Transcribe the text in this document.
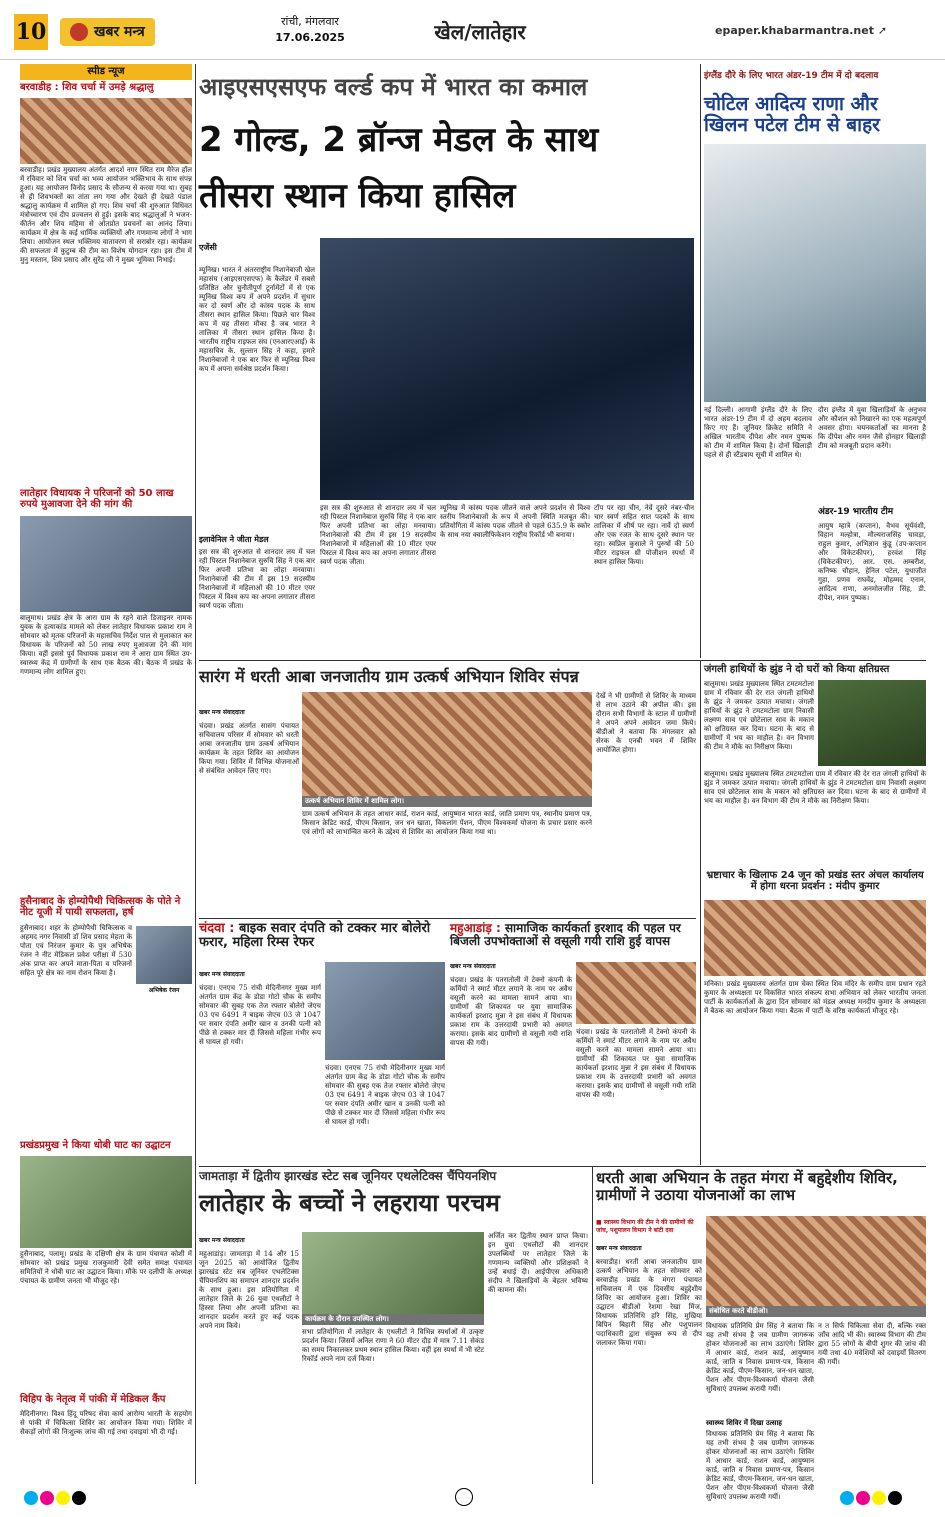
10	खबर मन्त्र
रांची, मंगलवार
17.06.2025	खेल/लातेहार	epaper.khabarmantra.net ➚
स्पीड न्यूज
बरवाडीह : शिव चर्चा में उमड़े श्रद्धालु
बरवाडीह। प्रखंड मुख्यालय अंतर्गत आदर्श नगर स्थित राम मैरेज हॉल में रविवार को शिव चर्चा का भव्य आयोजन भक्तिभाव के साथ संपन्न हुआ। यह आयोजन विनोद प्रसाद के सौजन्य से करवा गया था। सुबह से ही शिवभक्तों का तांता लग गया और देखते ही देखते पंडाल श्रद्धालु कार्यक्रम में शामिल हो गए। शिव चर्चा की शुरुआत विधिवत मंत्रोच्चारण एवं दीप प्रज्वलन से हुई। इसके बाद श्रद्धालुओं ने भजन-कीर्तन और शिव महिमा से ओतप्रोत प्रवचनों का आनंद लिया। कार्यक्रम में क्षेत्र के कई धार्मिक व्यक्तियों और गणमान्य लोगों ने भाग लिया। आयोजन स्थल भक्तिमय वातावरण से सराबोर रहा। कार्यक्रम की सफलता में कुटुम्ब की टीम का विशेष योगदान रहा। इस टीम में मुनु मस्तान, शिव प्रसाद और सुरेंद्र जी ने मुख्य भूमिका निभाई।
लातेहार विधायक ने परिजनों को 50 लाख रुपये मुआवजा देने की मांग की
बालूमाथ। प्रखंड क्षेत्र के आरा ग्राम के रहने वाले डिजाइनर नामक युवक के हत्याकांड मामले को लेकर लातेहार विधायक प्रकाश राम ने सोमवार को मृतक परिजनों के महासचिव निर्देश पाल से मुलाकात कर विधायक के परिजनों को 50 लाख रुपए मुआवजा देने की मांग किया। वहीं इससे पूर्व विधायक प्रकाश राम ने आरा ग्राम स्थित उप-स्वास्थ्य केंद्र में ग्रामीणों के साथ एक बैठक की। बैठक में प्रखंड के गणमान्य लोग शामिल हुए।
हुसैनाबाद के होम्योपैथी चिकित्सक के पोते ने नीट यूजी में पायी सफलता, हर्ष
हुसैनाबाद। शहर के होम्योपैथी चिकित्सक व अहमद नगर निवासी डॉ शिव प्रसाद मेहता के पोता एवं निरंजन कुमार के पुत्र अभिषेक रंजन ने नीट मेडिकल प्रवेश परीक्षा में 530 अंक प्राप्त कर अपने माता-पिता व परिजनों सहित पूरे क्षेत्र का नाम रोशन किया है।
अभिषेक रंजन
प्रखंडप्रमुख ने किया धोबी घाट का उद्घाटन
हुसैनाबाद, पलामू। प्रखंड के दक्षिणी क्षेत्र के ग्राम पंचायत कोशी में सोमवार को प्रखंड प्रमुख राजकुमारी देवी समेत समक्ष पंचायत समितियों ने धोबी घाट का उद्घाटन किया। मौके पर दलीपी के अध्यक्ष पंचायत के ग्रामीण जनता भी मौजूद रहे।
विहिप के नेतृत्व में पांकी में मेडिकल कैंप
मेदिनीनगर। विश्व हिंदू परिषद सेवा कार्य आरोग्य भारती के सहयोग से पांकी में चिकित्सा शिविर का आयोजन किया गया। शिविर में सैकड़ों लोगों की निःशुल्क जांच की गई तथा दवाइयां भी दी गईं।
आइएसएसएफ वर्ल्ड कप में भारत का कमाल
2 गोल्ड, 2 ब्रॉन्ज मेडल के साथ
तीसरा स्थान किया हासिल
एजेंसी
म्यूनिख। भारत ने अंतरराष्ट्रीय निशानेबाजी खेल महासंघ (आइएसएसएफ) के कैलेंडर में सबसे प्रतिष्ठित और चुनौतीपूर्ण टूर्नामेंटों में से एक म्यूनिख विश्व कप में अपने प्रदर्शन में सुधार कर दो स्वर्ण और दो कांस्य पदक के साथ तीसरा स्थान हासिल किया। पिछले चार विश्व कप में यह तीसरा मौका है जब भारत ने तालिका में तीसरा स्थान हासिल किया है। भारतीय राष्ट्रीय राइफल संघ (एनआरएआई) के महासचिव के. सुल्तान सिंह ने कहा, हमारे निशानेबाजों ने एक बार फिर से म्यूनिख विश्व कप में अपना सर्वश्रेष्ठ प्रदर्शन किया।
इलावेनिल ने जीता मेडल
इस सत्र की शुरुआत से शानदार लय में चल रही पिस्टल निशानेबाज सुरुचि सिंह ने एक बार फिर अपनी प्रतिभा का लोहा मनवाया। निशानेबाजों की टीम में इस 19 सदस्यीय निशानेबाजों में महिलाओं की 10 मीटर एयर पिस्टल में विश्व कप का अपना लगातार तीसरा स्वर्ण पदक जीता।
इस सत्र की शुरुआत से शानदार लय में चल रही पिस्टल निशानेबाज सुरुचि सिंह ने एक बार फिर अपनी प्रतिभा का लोहा मनवाया। निशानेबाजों की टीम में इस 19 सदस्यीय निशानेबाजों में महिलाओं की 10 मीटर एयर पिस्टल में विश्व कप का अपना लगातार तीसरा स्वर्ण पदक जीता।
म्यूनिख में कांस्य पदक जीतने वाले अपने प्रदर्शन से विश्व स्तरीय निशानेबाजों के रूप में अपनी स्थिति मजबूत की। प्रतियोगिता में कांस्य पदक जीतने से पहले 635.9 के स्कोर के साथ नया क्वालीफिकेशन राष्ट्रीय रिकॉर्ड भी बनाया।
टॉप पर रहा चीन, नेवें दूसरे नंबर-चीन चार स्वर्ण सहित सात पदकों के साथ तालिका में शीर्ष पर रहा। नार्वे दो स्वर्ण और एक रजत के साथ दूसरे स्थान पर रहा। स्वप्निल कुसाले ने पुरुषों की 50 मीटर राइफल थ्री पोजीशन स्पर्धा में स्थान हासिल किया।
इंग्लैंड दौरे के लिए भारत अंडर-19 टीम में दो बदलाव
चोटिल आदित्य राणा और खिलन पटेल टीम से बाहर
नई दिल्ली। आगामी इंग्लैंड दौरे के लिए भारत अंडर-19 टीम में दो अहम बदलाव किए गए हैं। जूनियर क्रिकेट समिति ने अखिल भारतीय दीपेश और नमन पुष्पक को टीम में शामिल किया है। दोनों खिलाड़ी पहले से ही स्टैंडबाय सूची में शामिल थे।
दौरा इंग्लैंड में युवा खिलाड़ियों के अनुभव और कौशल को निखारने का एक महत्वपूर्ण अवसर होगा। चयनकर्ताओं का मानना है कि दीपेश और नमन जैसे होनहार खिलाड़ी टीम को मजबूती प्रदान करेंगे।
अंडर-19 भारतीय टीम
आयुष म्हात्रे (कप्तान), वैभव सूर्यवंशी, विहान मल्होत्रा, मौल्यराजसिंह चावड़ा, राहुल कुमार, अभिज्ञान कुंडू (उप-कप्तान और विकेटकीपर), हरवंश सिंह (विकेटकीपर), आर. एस. अम्बरीश, कनिष्क चौहान, हेनिल पटेल, युधाजीत गुहा, प्रणव राघवेंद्र, मोहम्मद एनान, आदित्य राणा, अनमोलजीत सिंह, डी. दीपेश, नमन पुष्पक।
सारंग में धरती आबा जनजातीय ग्राम उत्कर्ष अभियान शिविर संपन्न
खबर मन्त्र संवाददाता
चंदवा। प्रखंड अंतर्गत सासंग पंचायत सचिवालय परिसर में सोमवार को धरती आबा जनजातीय ग्राम उत्कर्ष अभियान कार्यक्रम के तहत शिविर का आयोजन किया गया। शिविर में विभिन्न योजनाओं से संबंधित आवेदन लिए गए।
उत्कर्ष अभियान शिविर में शामिल लोग।
ग्राम उत्कर्ष अभियान के तहत आधार कार्ड, राशन कार्ड, आयुष्मान भारत कार्ड, जाति प्रमाण पत्र, स्थानीय प्रमाण पत्र, किसान क्रेडिट कार्ड, पीएम किसान, जन धन खाता, विकलांग पेंशन, पीएम विश्वकर्मा योजना के प्रचार प्रसार करने एवं लोगों को लाभान्वित करने के उद्देश्य से शिविर का आयोजन किया गया था।
देखें ने भी ग्रामीणों से शिविर के माध्यम से लाभ उठाने की अपील की। इस दौरान सभी विभागों के स्टाल में ग्रामीणों ने अपने अपने आवेदन जमा किये। बीडीओ ने बताया कि मंगलवार को सेरक के एनबी भवन में शिविर आयोजित होगा।
जंगली हाथियों के झुंड ने दो घरों को किया क्षतिग्रस्त
बालूमाथ। प्रखंड मुख्यालय स्थित टमटमटोला ग्राम में रविवार की देर रात जंगली हाथियों के झुंड ने जमकर उत्पात मचाया। जंगली हाथियों के झुंड ने टमटमटोला ग्राम निवासी लक्ष्मण साव एवं छोटेलाल साव के मकान को क्षतिग्रस्त कर दिया। घटना के बाद से ग्रामीणों में भय का माहौल है। वन विभाग की टीम ने मौके का निरीक्षण किया।
बालूमाथ। प्रखंड मुख्यालय स्थित टमटमटोला ग्राम में रविवार की देर रात जंगली हाथियों के झुंड ने जमकर उत्पात मचाया। जंगली हाथियों के झुंड ने टमटमटोला ग्राम निवासी लक्ष्मण साव एवं छोटेलाल साव के मकान को क्षतिग्रस्त कर दिया। घटना के बाद से ग्रामीणों में भय का माहौल है। वन विभाग की टीम ने मौके का निरीक्षण किया।
भ्रष्टाचार के खिलाफ 24 जून को प्रखंड स्तर अंचल कार्यालय में होगा धरना प्रदर्शन : मंदीप कुमार
मनिका। प्रखंड मुख्यालय अंतर्गत ग्राम चेका स्थित शिव मंदिर के समीप ग्राम प्रधान रहते कुमार के अध्यक्षता पर विकसित भारत संकल्प सभा अभियान को लेकर भारतीय जनता पार्टी के कार्यकर्ताओं के द्वारा दिन सोमवार को मंडल अध्यक्ष मनदीप कुमार के अध्यक्षता में बैठक का आयोजन किया गया। बैठक में पार्टी के वरिष्ठ कार्यकर्ता मौजूद रहे।
चंदवा : बाइक सवार दंपति को टक्कर मार बोलेरो फरार, महिला रिम्स रेफर
खबर मन्त्र संवाददाता
चंदवा। एनएच 75 रांची मेदिनीनगर मुख्य मार्ग अंतर्गत ग्राम केंद्र के डोडा गोटो चौक के समीप सोमवार की सुबह एक तेज रफ्तार बोलेरो जेएच 03 एच 6491 ने बाइक जेएच 03 जे 1047 पर सवार दंपति अमीर खान व उनकी पत्नी को पीछे से टक्कर मार दी जिससे महिला गंभीर रूप से घायल हो गयी।
चंदवा। एनएच 75 रांची मेदिनीनगर मुख्य मार्ग अंतर्गत ग्राम केंद्र के डोडा गोटो चौक के समीप सोमवार की सुबह एक तेज रफ्तार बोलेरो जेएच 03 एच 6491 ने बाइक जेएच 03 जे 1047 पर सवार दंपति अमीर खान व उनकी पत्नी को पीछे से टक्कर मार दी जिससे महिला गंभीर रूप से घायल हो गयी।
महुआडांड़ : सामाजिक कार्यकर्ता इरशाद की पहल पर बिजली उपभोक्ताओं से वसूली गयी राशि हुई वापस
खबर मन्त्र संवाददाता
चंदवा। प्रखंड के पतरातोली में टेक्नो कंपनी के कर्मियों ने स्मार्ट मीटर लगाने के नाम पर अवैध वसूली करने का मामला सामने आया था। ग्रामीणों की शिकायत पर युवा सामाजिक कार्यकर्ता इरशाद मुन्ना ने इस संबंध में विधायक प्रकाश राम के उत्तरदायी प्रभारी को अवगत कराया। इसके बाद ग्रामीणों से वसूली गयी राशि वापस की गयी।
चंदवा। प्रखंड के पतरातोली में टेक्नो कंपनी के कर्मियों ने स्मार्ट मीटर लगाने के नाम पर अवैध वसूली करने का मामला सामने आया था। ग्रामीणों की शिकायत पर युवा सामाजिक कार्यकर्ता इरशाद मुन्ना ने इस संबंध में विधायक प्रकाश राम के उत्तरदायी प्रभारी को अवगत कराया। इसके बाद ग्रामीणों से वसूली गयी राशि वापस की गयी।
जामताड़ा में द्वितीय झारखंड स्टेट सब जूनियर एथलेटिक्स चैंपियनशिप
लातेहार के बच्चों ने लहराया परचम
खबर मन्त्र संवाददाता
महुआडांड़। जामताड़ा में 14 और 15 जून 2025 को आयोजित द्वितीय झारखंड स्टेट सब जूनियर एथलेटिक्स चैंपियनशिप का समापन शानदार प्रदर्शन के साथ हुआ। इस प्रतियोगिता में लातेहार जिले के 26 युवा एथलीटों ने हिस्सा लिया और अपनी प्रतिभा का शानदार प्रदर्शन करते हुए कई पदक अपने नाम किये।
कार्यक्रम के दौरान उपस्थित लोग।
सभा प्रतियोगिता में लातेहार के एथलीटों ने विभिन्न स्पर्धाओं में उत्कृष्ट प्रदर्शन किया। जिसमें अनिल राणा ने 60 मीटर दौड़ में मात्र 7.11 सेकंड का समय निकालकर प्रथम स्थान हासिल किया। वहीं इस स्पर्धा में भी स्टेट रिकॉर्ड अपने नाम दर्ज किया।
अर्जित कर द्वितीय स्थान प्राप्त किया। इन युवा एथलीटों की शानदार उपलब्धियों पर लातेहार जिले के गणमान्य व्यक्तियों और प्रशिक्षकों ने उन्हें बधाई दी। आईपीएस अधिकारी संदीप ने खिलाड़ियों के बेहतर भविष्य की कामना की।
धरती आबा अभियान के तहत मंगरा में बहुद्देशीय शिविर, ग्रामीणों ने उठाया योजनाओं का लाभ
■ स्वास्थ्य विभाग की टीम ने की ग्रामीणों की जांच, पशुपालन विभाग ने बांटी दवा
खबर मन्त्र संवाददाता
बरवाडीह। धरती आबा जनजातीय ग्राम उत्कर्ष अभियान के तहत सोमवार को बरवाडीह प्रखंड के मंगरा पंचायत सचिवालय में एक दिवसीय बहुद्देशीय शिविर का आयोजन हुआ। शिविर का उद्घाटन बीडीओ रेशमा रेखा मिंज, विधायक प्रतिनिधि हरि सिंह, मुखिया बिपिन बिहारी सिंह और पशुपालन पदाधिकारी द्वारा संयुक्त रूप से दीप जलाकर किया गया।
संबोधित करते बीडीओ।
विधायक प्रतिनिधि प्रेम सिंह ने बताया कि यह तभी संभव है जब ग्रामीण जागरूक होकर योजनाओं का लाभ उठाएंगे। शिविर में आधार कार्ड, राशन कार्ड, आयुष्मान कार्ड, जाति व निवास प्रमाण-पत्र, किसान क्रेडिट कार्ड, पीएम-किसान, जन-धन खाता, पेंशन और पीएम-विश्वकर्मा योजना जैसी सुविधाएं उपलब्ध करायी गयीं।
स्वास्थ्य शिविर में दिखा उत्साह
विधायक प्रतिनिधि प्रेम सिंह ने बताया कि यह तभी संभव है जब ग्रामीण जागरूक होकर योजनाओं का लाभ उठाएंगे। शिविर में आधार कार्ड, राशन कार्ड, आयुष्मान कार्ड, जाति व निवास प्रमाण-पत्र, किसान क्रेडिट कार्ड, पीएम-किसान, जन-धन खाता, पेंशन और पीएम-विश्वकर्मा योजना जैसी सुविधाएं उपलब्ध करायी गयीं।
न त सिर्फ चिकित्सा सेवा दी, बल्कि रक्त जाँच आदि भी की। स्वास्थ्य विभाग की टीम द्वारा 55 लोगों के बीपी शुगर की जांच की गयी तथा 40 मवेशियों को दवाइयाँ वितरण की गयीं।
